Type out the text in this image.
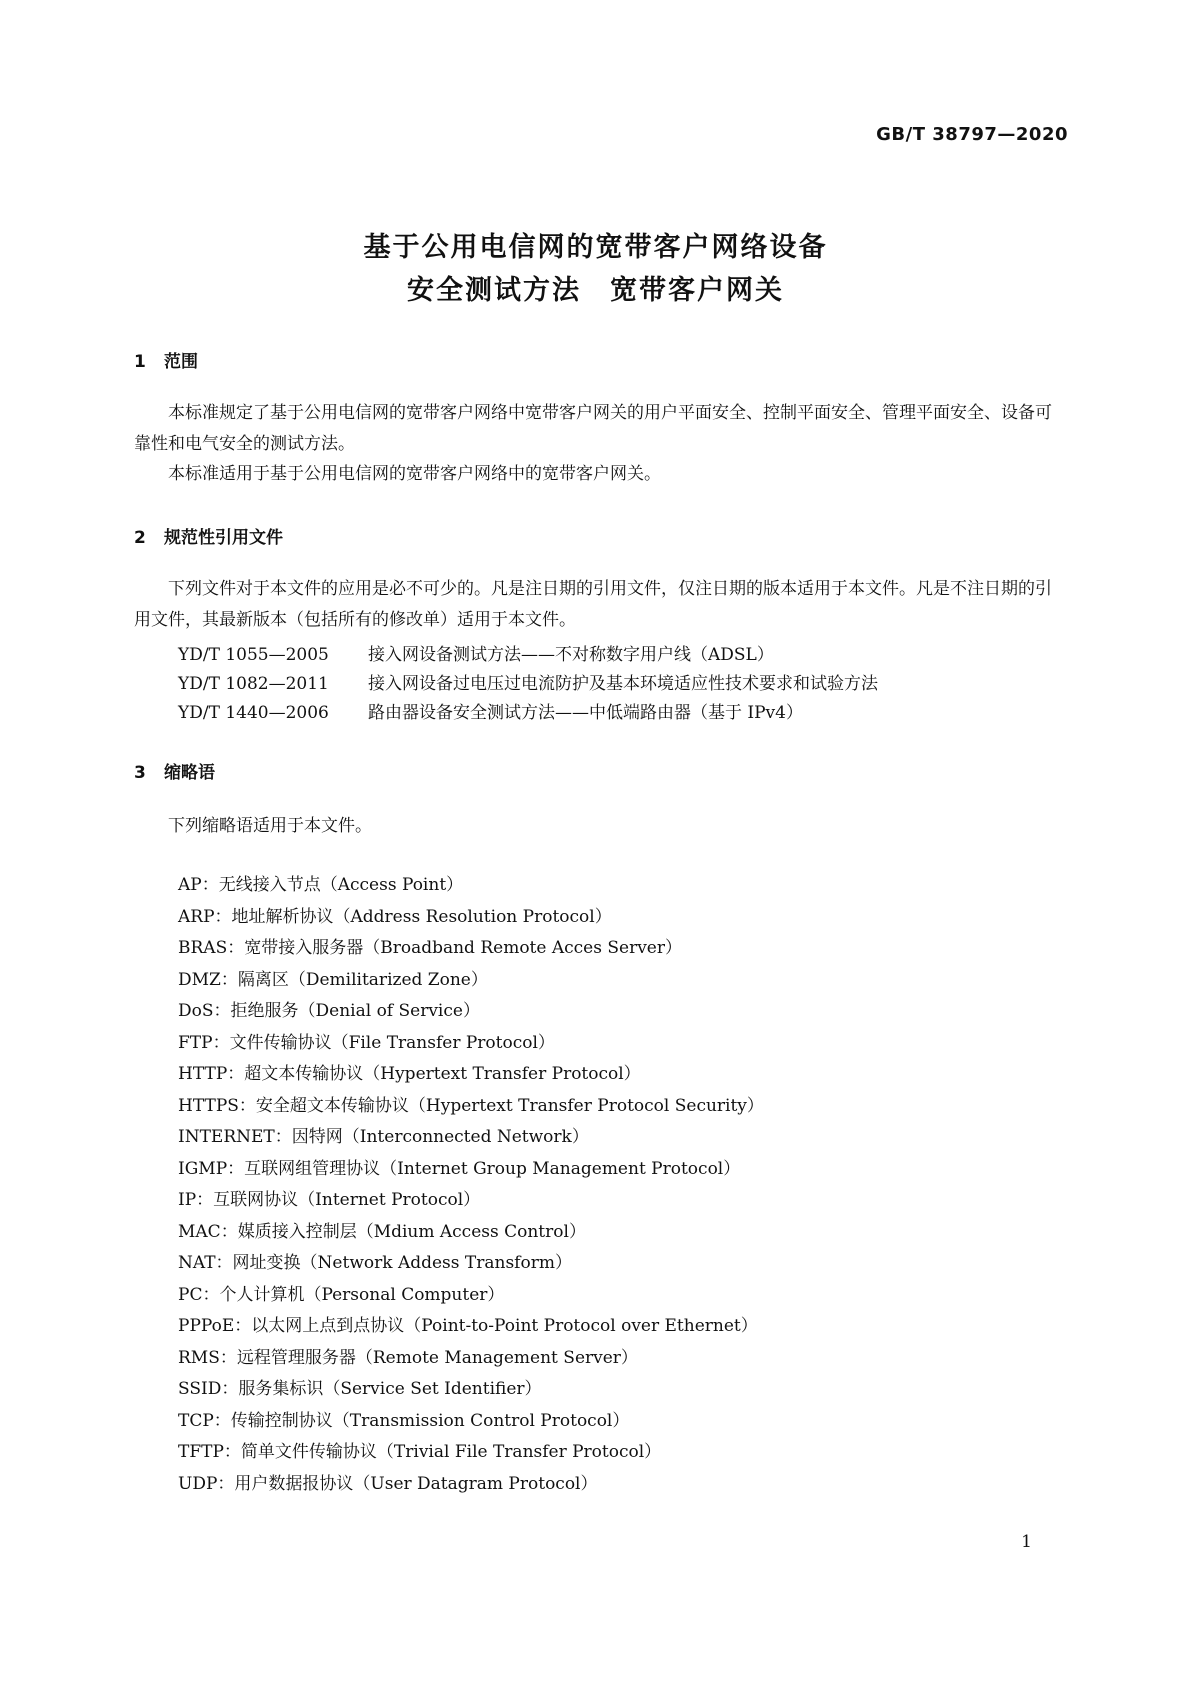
GB/T 38797—2020
基于公用电信网的宽带客户网络设备
安全测试方法　宽带客户网关
1 范围
本标准规定了基于公用电信网的宽带客户网络中宽带客户网关的用户平面安全、控制平面安全、管理平面安全、设备可靠性和电气安全的测试方法。
本标准适用于基于公用电信网的宽带客户网络中的宽带客户网关。
2 规范性引用文件
下列文件对于本文件的应用是必不可少的。凡是注日期的引用文件，仅注日期的版本适用于本文件。凡是不注日期的引用文件，其最新版本（包括所有的修改单）适用于本文件。
YD/T 1055—2005 接入网设备测试方法——不对称数字用户线（ADSL）
YD/T 1082—2011 接入网设备过电压过电流防护及基本环境适应性技术要求和试验方法
YD/T 1440—2006 路由器设备安全测试方法——中低端路由器（基于 IPv4）
3 缩略语
下列缩略语适用于本文件。
AP：无线接入节点（Access Point）
ARP：地址解析协议（Address Resolution Protocol）
BRAS：宽带接入服务器（Broadband Remote Acces Server）
DMZ：隔离区（Demilitarized Zone）
DoS：拒绝服务（Denial of Service）
FTP：文件传输协议（File Transfer Protocol）
HTTP：超文本传输协议（Hypertext Transfer Protocol）
HTTPS：安全超文本传输协议（Hypertext Transfer Protocol Security）
INTERNET：因特网（Interconnected Network）
IGMP：互联网组管理协议（Internet Group Management Protocol）
IP：互联网协议（Internet Protocol）
MAC：媒质接入控制层（Mdium Access Control）
NAT：网址变换（Network Addess Transform）
PC：个人计算机（Personal Computer）
PPPoE：以太网上点到点协议（Point-to-Point Protocol over Ethernet）
RMS：远程管理服务器（Remote Management Server）
SSID：服务集标识（Service Set Identifier）
TCP：传输控制协议（Transmission Control Protocol）
TFTP：简单文件传输协议（Trivial File Transfer Protocol）
UDP：用户数据报协议（User Datagram Protocol）
1
